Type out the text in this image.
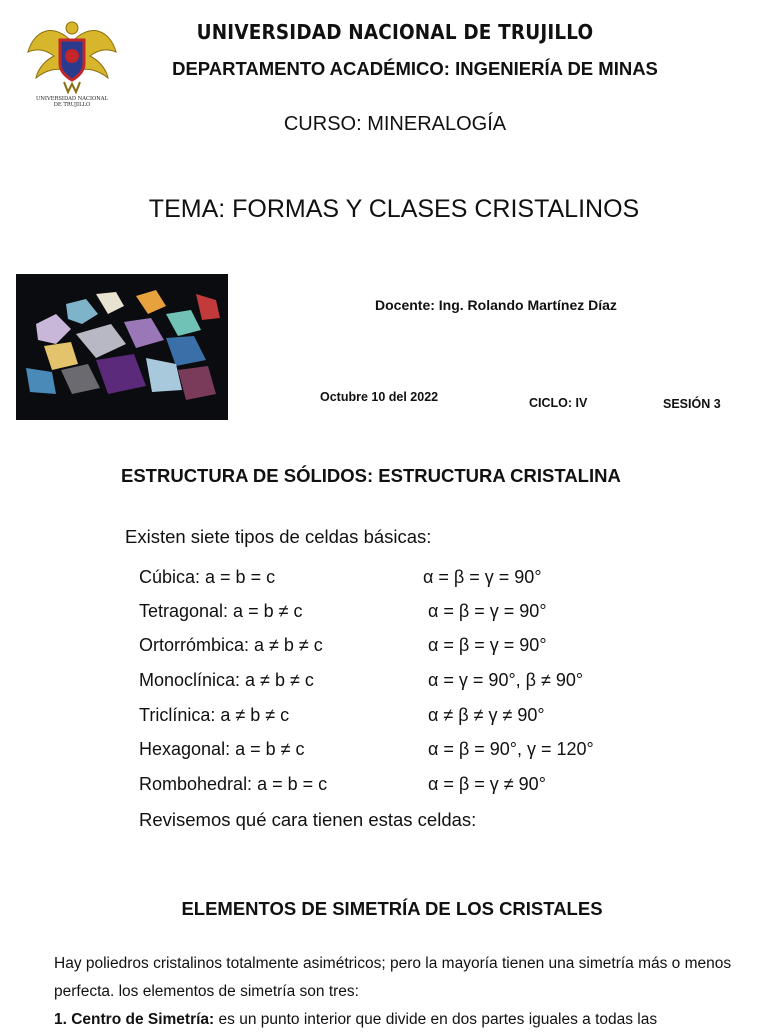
UNIVERSIDAD NACIONAL
DE TRUJILLO
UNIVERSIDAD NACIONAL DE TRUJILLO
DEPARTAMENTO ACADÉMICO: INGENIERÍA DE MINAS
CURSO: MINERALOGÍA
TEMA: FORMAS Y CLASES CRISTALINOS
Docente: Ing. Rolando Martínez Díaz
Octubre 10 del 2022	CICLO: IV	SESIÓN 3
ESTRUCTURA DE SÓLIDOS: ESTRUCTURA CRISTALINA
Existen siete tipos de celdas básicas:
Cúbica: a = b = c	α = β = γ = 90°
Tetragonal: a = b ≠ c	α = β = γ = 90°
Ortorrómbica: a ≠ b ≠ c	α = β = γ = 90°
Monoclínica: a ≠ b ≠ c	α = γ = 90°, β ≠ 90°
Triclínica: a ≠ b ≠ c	α ≠ β ≠ γ ≠ 90°
Hexagonal: a = b ≠ c	α = β = 90°, γ = 120°
Rombohedral: a = b = c	α = β = γ ≠ 90°
Revisemos qué cara tienen estas celdas:
ELEMENTOS DE SIMETRÍA DE LOS CRISTALES
Hay poliedros cristalinos totalmente asimétricos; pero la mayoría tienen una simetría más o menos perfecta. los elementos de simetría son tres:
1. Centro de Simetría: es un punto interior que divide en dos partes iguales a todas las
